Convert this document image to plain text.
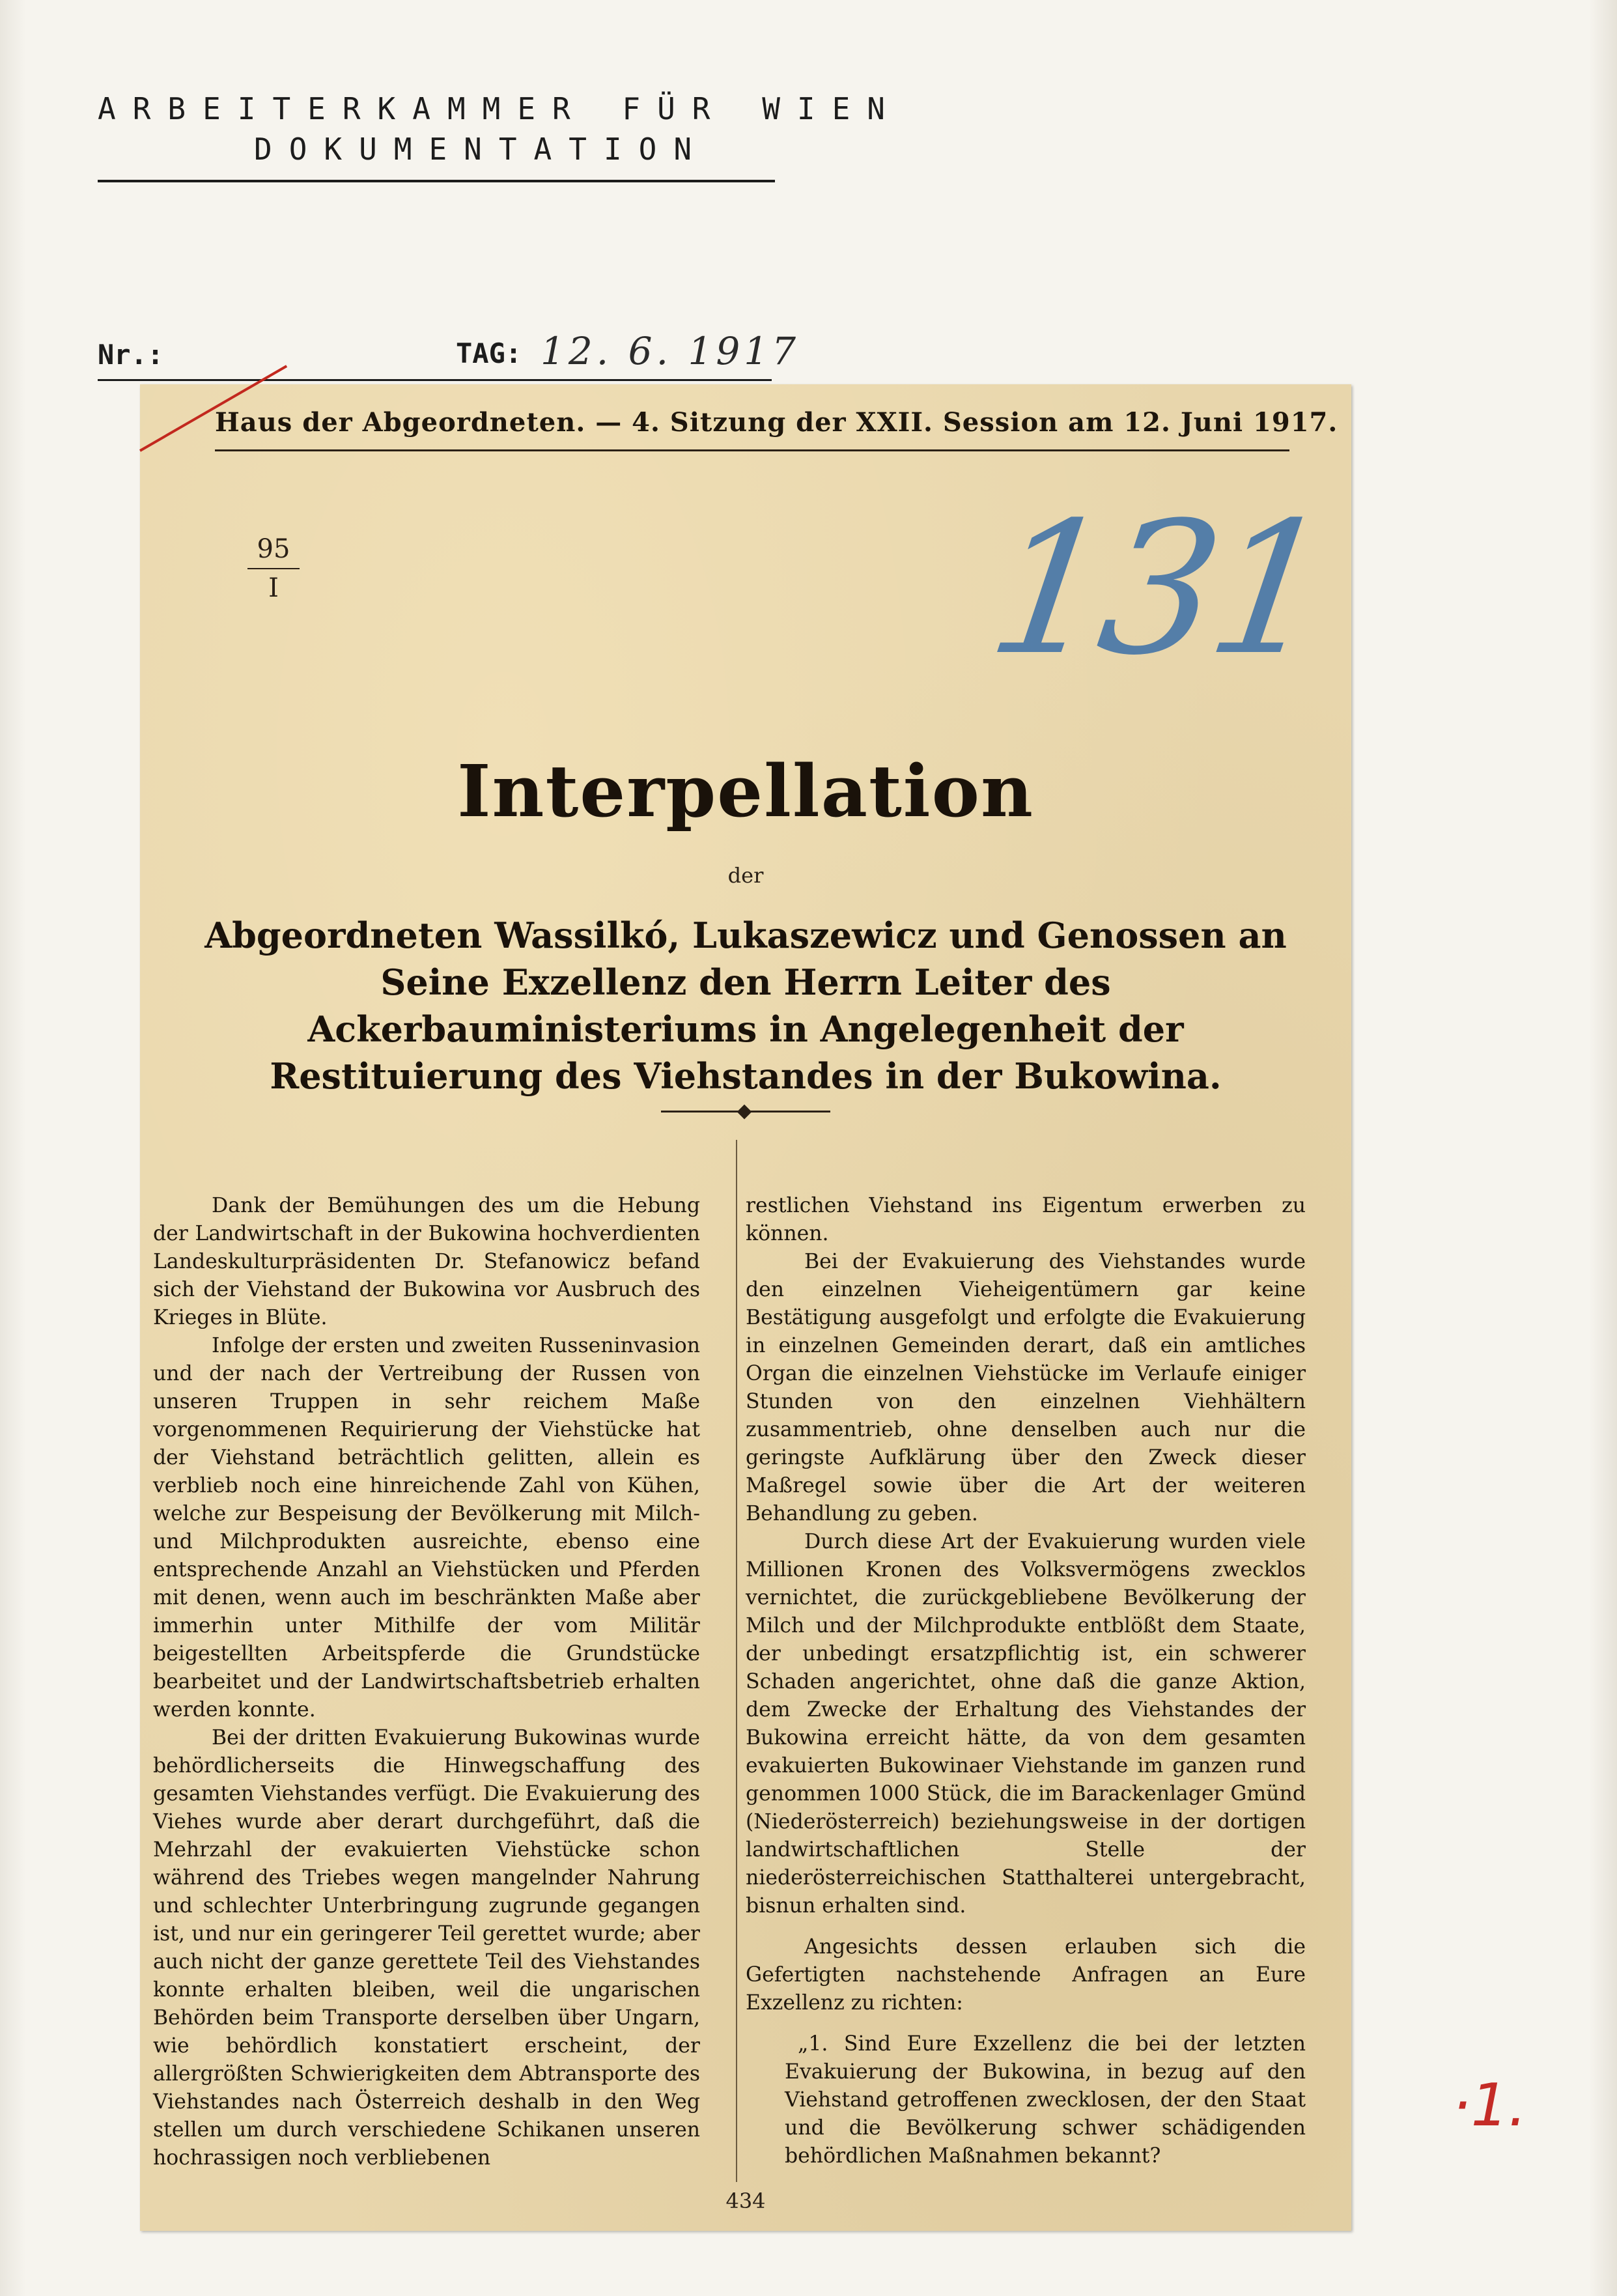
ARBEITERKAMMER FÜR WIEN
DOKUMENTATION
Nr.:	TAG: 12. 6. 1917
Haus der Abgeordneten. — 4. Sitzung der XXII. Session am 12. Juni 1917.
95
I	131
Interpellation
der
Abgeordneten Wassilkó, Lukaszewicz und Genossen an Seine Exzellenz den Herrn Leiter des Ackerbauministeriums in Angelegenheit der Restituierung des Viehstandes in der Bukowina.

Dank der Bemühungen des um die Hebung der Landwirtschaft in der Bukowina hochverdienten Landeskulturpräsidenten Dr. Stefanowicz befand sich der Viehstand der Bukowina vor Ausbruch des Krieges in Blüte.

Infolge der ersten und zweiten Russeninvasion und der nach der Vertreibung der Russen von unseren Truppen in sehr reichem Maße vorgenommenen Requirierung der Viehstücke hat der Viehstand beträchtlich gelitten, allein es verblieb noch eine hinreichende Zahl von Kühen, welche zur Bespeisung der Bevölkerung mit Milch- und Milchprodukten ausreichte, ebenso eine entsprechende Anzahl an Viehstücken und Pferden mit denen, wenn auch im beschränkten Maße aber immerhin unter Mithilfe der vom Militär beigestellten Arbeitspferde die Grundstücke bearbeitet und der Landwirtschaftsbetrieb erhalten werden konnte.

Bei der dritten Evakuierung Bukowinas wurde behördlicherseits die Hinwegschaffung des gesamten Viehstandes verfügt. Die Evakuierung des Viehes wurde aber derart durchgeführt, daß die Mehrzahl der evakuierten Viehstücke schon während des Triebes wegen mangelnder Nahrung und schlechter Unterbringung zugrunde gegangen ist, und nur ein geringerer Teil gerettet wurde; aber auch nicht der ganze gerettete Teil des Viehstandes konnte erhalten bleiben, weil die ungarischen Behörden beim Transporte derselben über Ungarn, wie behördlich konstatiert erscheint, der allergrößten Schwierigkeiten dem Abtransporte des Viehstandes nach Österreich deshalb in den Weg stellen um durch verschiedene Schikanen unseren hochrassigen noch verbliebenen

restlichen Viehstand ins Eigentum erwerben zu können.

Bei der Evakuierung des Viehstandes wurde den einzelnen Vieheigentümern gar keine Bestätigung ausgefolgt und erfolgte die Evakuierung in einzelnen Gemeinden derart, daß ein amtliches Organ die einzelnen Viehstücke im Verlaufe einiger Stunden von den einzelnen Viehhältern zusammentrieb, ohne denselben auch nur die geringste Aufklärung über den Zweck dieser Maßregel sowie über die Art der weiteren Behandlung zu geben.

Durch diese Art der Evakuierung wurden viele Millionen Kronen des Volksvermögens zwecklos vernichtet, die zurückgebliebene Bevölkerung der Milch und der Milchprodukte entblößt dem Staate, der unbedingt ersatzpflichtig ist, ein schwerer Schaden angerichtet, ohne daß die ganze Aktion, dem Zwecke der Erhaltung des Viehstandes der Bukowina erreicht hätte, da von dem gesamten evakuierten Bukowinaer Viehstande im ganzen rund genommen 1000 Stück, die im Barackenlager Gmünd (Niederösterreich) beziehungsweise in der dortigen landwirtschaftlichen Stelle der niederösterreichischen Statthalterei untergebracht, bisnun erhalten sind.

Angesichts dessen erlauben sich die Gefertigten nachstehende Anfragen an Eure Exzellenz zu richten:

„1. Sind Eure Exzellenz die bei der letzten Evakuierung der Bukowina, in bezug auf den Viehstand getroffenen zwecklosen, der den Staat und die Bevölkerung schwer schädigenden behördlichen Maßnahmen bekannt?

434
·1.
